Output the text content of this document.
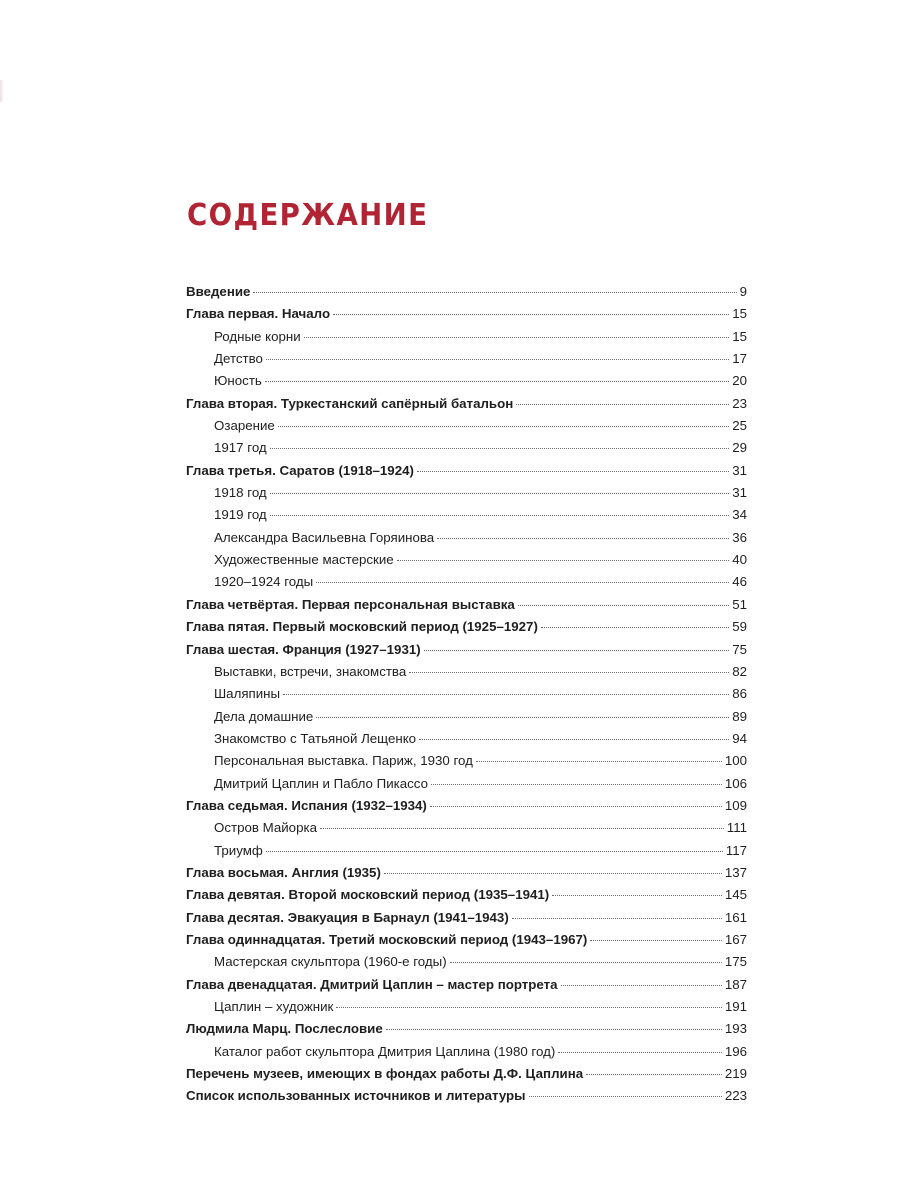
СОДЕРЖАНИЕ
Введение	9
Глава первая. Начало	15
Родные корни	15
Детство	17
Юность	20
Глава вторая. Туркестанский сапёрный батальон	23
Озарение	25
1917 год	29
Глава третья. Саратов (1918–1924)	31
1918 год	31
1919 год	34
Александра Васильевна Горяинова	36
Художественные мастерские	40
1920–1924 годы	46
Глава четвёртая. Первая персональная выставка	51
Глава пятая. Первый московский период (1925–1927)	59
Глава шестая. Франция (1927–1931)	75
Выставки, встречи, знакомства	82
Шаляпины	86
Дела домашние	89
Знакомство с Татьяной Лещенко	94
Персональная выставка. Париж, 1930 год	100
Дмитрий Цаплин и Пабло Пикассо	106
Глава седьмая. Испания (1932–1934)	109
Остров Майорка	111
Триумф	117
Глава восьмая. Англия (1935)	137
Глава девятая. Второй московский период (1935–1941)	145
Глава десятая. Эвакуация в Барнаул (1941–1943)	161
Глава одиннадцатая. Третий московский период (1943–1967)	167
Мастерская скульптора (1960-е годы)	175
Глава двенадцатая. Дмитрий Цаплин – мастер портрета	187
Цаплин – художник	191
Людмила Марц. Послесловие	193
Каталог работ скульптора Дмитрия Цаплина (1980 год)	196
Перечень музеев, имеющих в фондах работы Д.Ф. Цаплина	219
Список использованных источников и литературы	223
